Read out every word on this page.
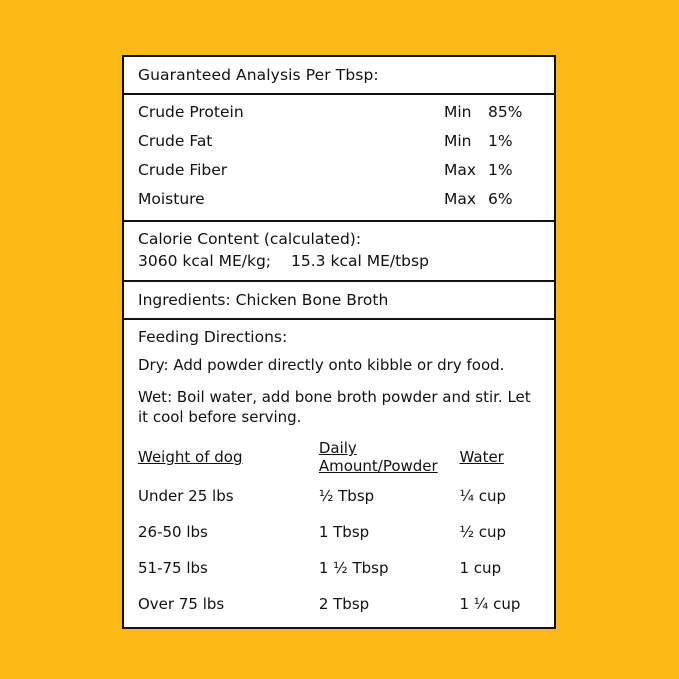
Guaranteed Analysis Per Tbsp:
Crude Protein	Min	85%
Crude Fat	Min	1%
Crude Fiber	Max 1%
Moisture	Max 6%
Calorie Content (calculated):
3060 kcal ME/kg; 15.3 kcal ME/tbsp
Ingredients: Chicken Bone Broth
Feeding Directions:

Dry: Add powder directly onto kibble or dry food.

Wet: Boil water, add bone broth powder and stir. Let it cool before serving.

Weight of dog	Daily Amount/Powder	Water
Under 25 lbs	½ Tbsp	¼ cup
26-50 lbs	1 Tbsp	½ cup
51-75 lbs	1 ½ Tbsp	1 cup
Over 75 lbs	2 Tbsp	1 ¼ cup
